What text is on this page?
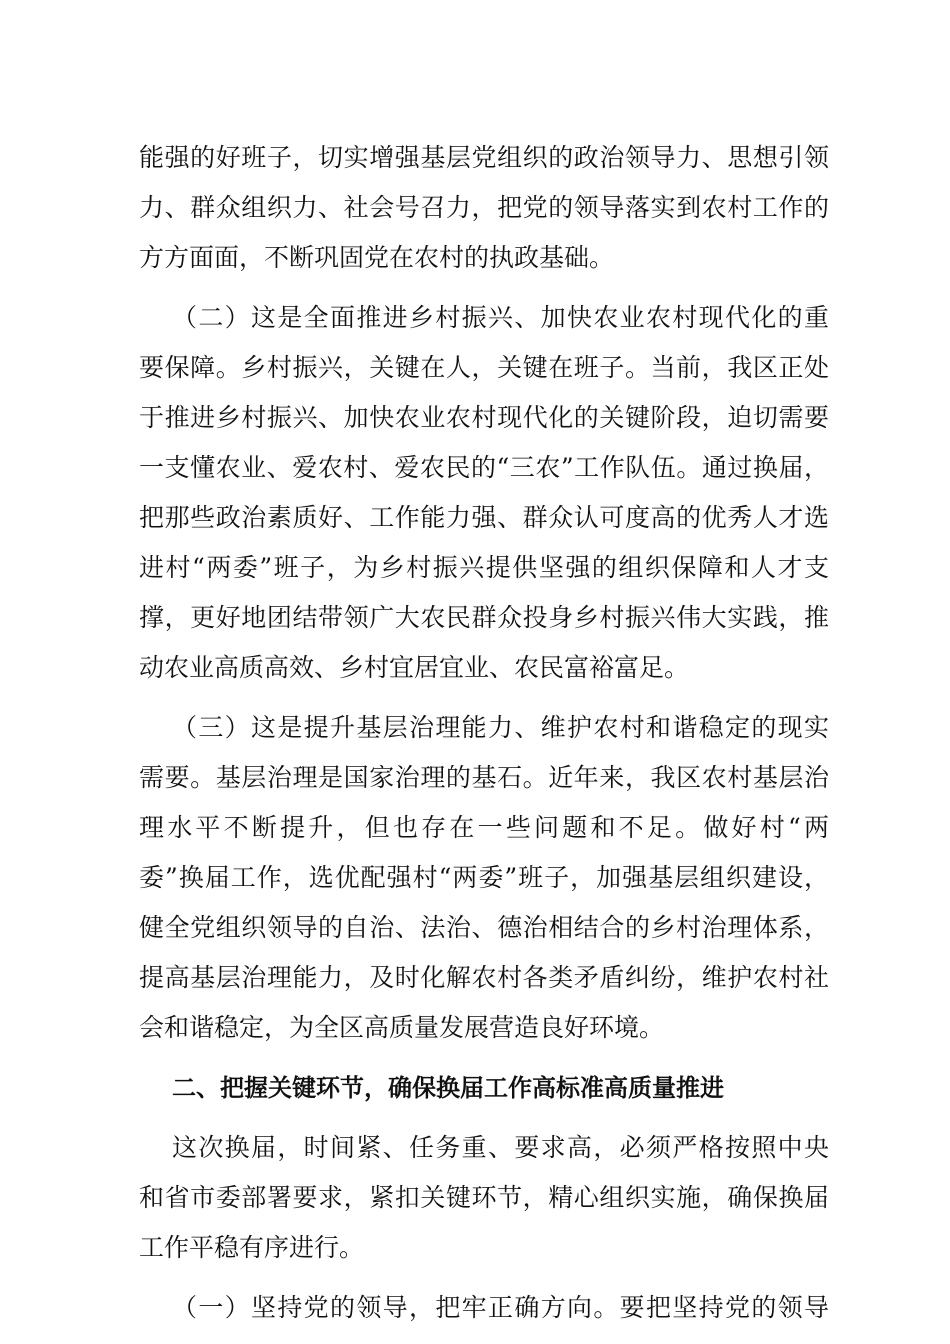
能强的好班子，切实增强基层党组织的政治领导力、思想引领
力、群众组织力、社会号召力，把党的领导落实到农村工作的
方方面面，不断巩固党在农村的执政基础。
（二）这是全面推进乡村振兴、加快农业农村现代化的重
要保障。乡村振兴，关键在人，关键在班子。当前，我区正处
于推进乡村振兴、加快农业农村现代化的关键阶段，迫切需要
一支懂农业、爱农村、爱农民的“三农”工作队伍。通过换届，
把那些政治素质好、工作能力强、群众认可度高的优秀人才选
进村“两委”班子，为乡村振兴提供坚强的组织保障和人才支
撑，更好地团结带领广大农民群众投身乡村振兴伟大实践，推
动农业高质高效、乡村宜居宜业、农民富裕富足。
（三）这是提升基层治理能力、维护农村和谐稳定的现实
需要。基层治理是国家治理的基石。近年来，我区农村基层治
理水平不断提升，但也存在一些问题和不足。做好村“两
委”换届工作，选优配强村“两委”班子，加强基层组织建设，
健全党组织领导的自治、法治、德治相结合的乡村治理体系，
提高基层治理能力，及时化解农村各类矛盾纠纷，维护农村社
会和谐稳定，为全区高质量发展营造良好环境。
二、把握关键环节，确保换届工作高标准高质量推进
这次换届，时间紧、任务重、要求高，必须严格按照中央
和省市委部署要求，紧扣关键环节，精心组织实施，确保换届
工作平稳有序进行。
（一）坚持党的领导，把牢正确方向。要把坚持党的领导
